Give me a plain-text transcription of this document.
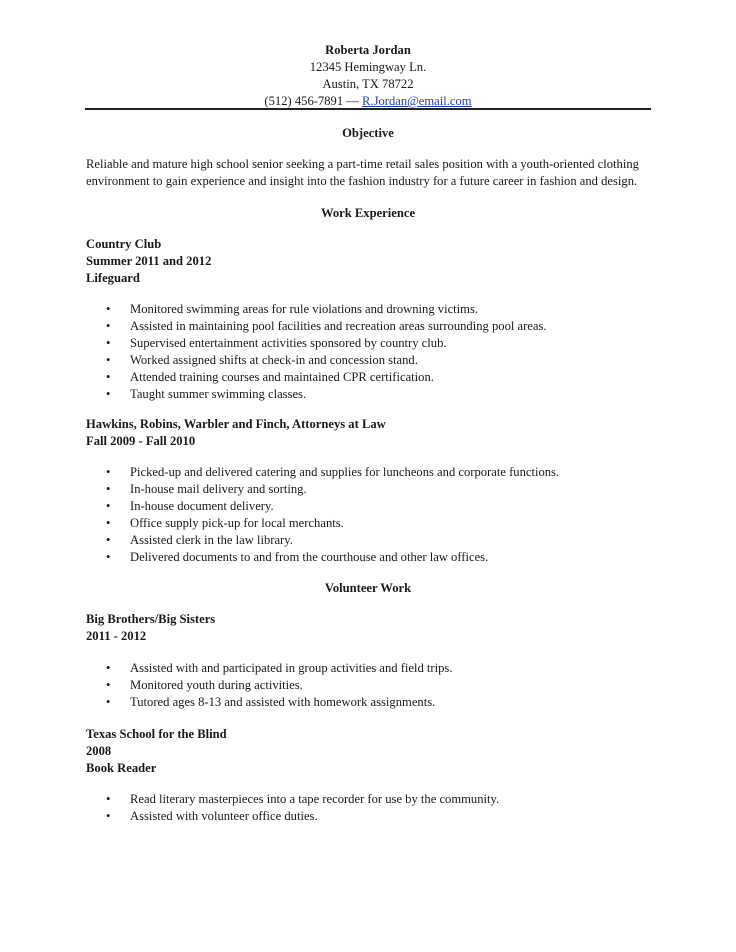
Roberta Jordan
12345 Hemingway Ln.
Austin, TX 78722
(512) 456-7891 — R.Jordan@email.com
Objective
Reliable and mature high school senior seeking a part-time retail sales position with a youth-oriented clothing
environment to gain experience and insight into the fashion industry for a future career in fashion and design.
Work Experience
Country Club
Summer 2011 and 2012
Lifeguard
• Monitored swimming areas for rule violations and drowning victims.
• Assisted in maintaining pool facilities and recreation areas surrounding pool areas.
• Supervised entertainment activities sponsored by country club.
• Worked assigned shifts at check-in and concession stand.
• Attended training courses and maintained CPR certification.
• Taught summer swimming classes.
Hawkins, Robins, Warbler and Finch, Attorneys at Law
Fall 2009 - Fall 2010
• Picked-up and delivered catering and supplies for luncheons and corporate functions.
• In-house mail delivery and sorting.
• In-house document delivery.
• Office supply pick-up for local merchants.
• Assisted clerk in the law library.
• Delivered documents to and from the courthouse and other law offices.
Volunteer Work
Big Brothers/Big Sisters
2011 - 2012
• Assisted with and participated in group activities and field trips.
• Monitored youth during activities.
• Tutored ages 8-13 and assisted with homework assignments.
Texas School for the Blind
2008
Book Reader
• Read literary masterpieces into a tape recorder for use by the community.
• Assisted with volunteer office duties.
